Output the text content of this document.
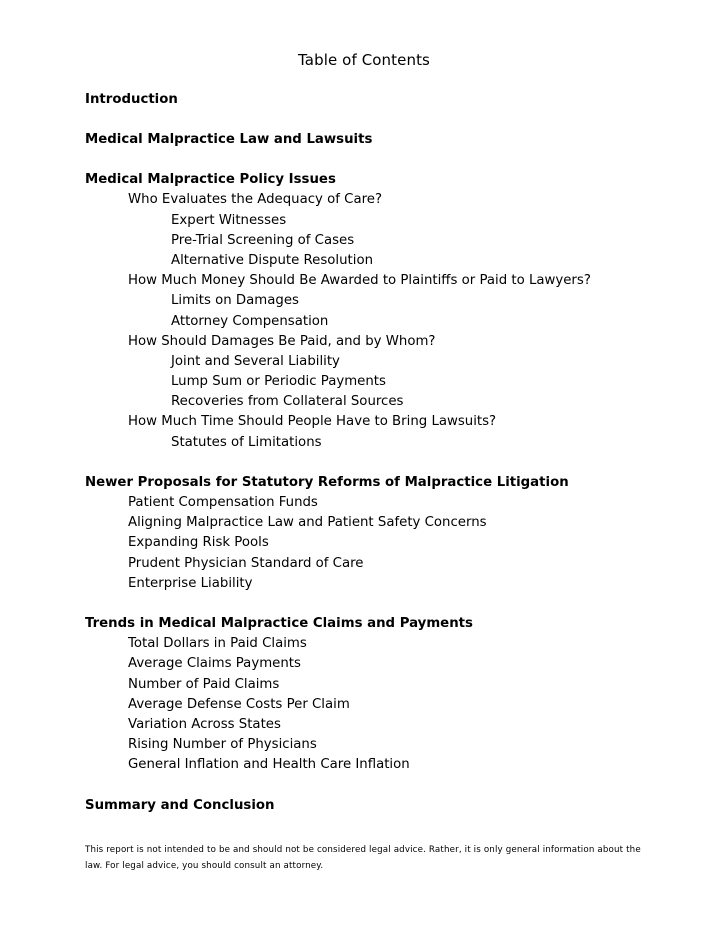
Table of Contents
Introduction
Medical Malpractice Law and Lawsuits
Medical Malpractice Policy Issues
Who Evaluates the Adequacy of Care?
Expert Witnesses
Pre-Trial Screening of Cases
Alternative Dispute Resolution
How Much Money Should Be Awarded to Plaintiffs or Paid to Lawyers?
Limits on Damages
Attorney Compensation
How Should Damages Be Paid, and by Whom?
Joint and Several Liability
Lump Sum or Periodic Payments
Recoveries from Collateral Sources
How Much Time Should People Have to Bring Lawsuits?
Statutes of Limitations
Newer Proposals for Statutory Reforms of Malpractice Litigation
Patient Compensation Funds
Aligning Malpractice Law and Patient Safety Concerns
Expanding Risk Pools
Prudent Physician Standard of Care
Enterprise Liability
Trends in Medical Malpractice Claims and Payments
Total Dollars in Paid Claims
Average Claims Payments
Number of Paid Claims
Average Defense Costs Per Claim
Variation Across States
Rising Number of Physicians
General Inflation and Health Care Inflation
Summary and Conclusion
This report is not intended to be and should not be considered legal advice. Rather, it is only general information about the law. For legal advice, you should consult an attorney.
